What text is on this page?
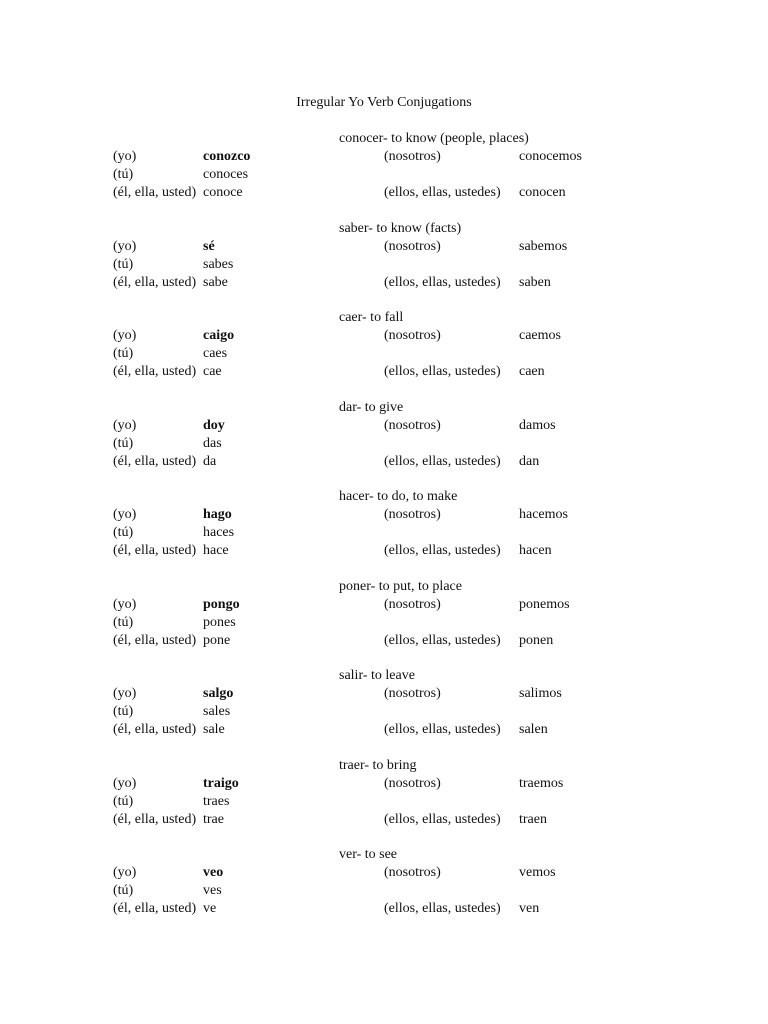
Irregular Yo Verb Conjugations
conocer- to know (people, places)
(yo)	conozco	(nosotros)	conocemos
(tú)	conoces
(él, ella, usted) conoce	(ellos, ellas, ustedes) conocen
saber- to know (facts)
(yo)	sé	(nosotros)	sabemos
(tú)	sabes
(él, ella, usted) sabe	(ellos, ellas, ustedes) saben
caer- to fall
(yo)	caigo	(nosotros)	caemos
(tú)	caes
(él, ella, usted) cae	(ellos, ellas, ustedes) caen
dar- to give
(yo)	doy	(nosotros)	damos
(tú)	das
(él, ella, usted) da	(ellos, ellas, ustedes) dan
hacer- to do, to make
(yo)	hago	(nosotros)	hacemos
(tú)	haces
(él, ella, usted) hace	(ellos, ellas, ustedes) hacen
poner- to put, to place
(yo)	pongo	(nosotros)	ponemos
(tú)	pones
(él, ella, usted) pone	(ellos, ellas, ustedes) ponen
salir- to leave
(yo)	salgo	(nosotros)	salimos
(tú)	sales
(él, ella, usted) sale	(ellos, ellas, ustedes) salen
traer- to bring
(yo)	traigo	(nosotros)	traemos
(tú)	traes
(él, ella, usted) trae	(ellos, ellas, ustedes) traen
ver- to see
(yo)	veo	(nosotros)	vemos
(tú)	ves
(él, ella, usted) ve	(ellos, ellas, ustedes) ven
